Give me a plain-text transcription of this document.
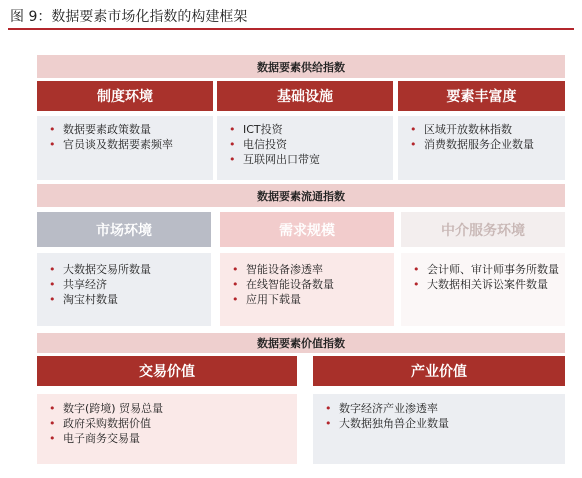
图 9：数据要素市场化指数的构建框架
数据要素供给指数
制度环境	基础设施	要素丰富度
• 数据要素政策数量
• 官员谈及数据要素频率
• ICT投资
• 电信投资
• 互联网出口带宽
• 区域开放数林指数
• 消费数据服务企业数量
数据要素流通指数
市场环境	需求规模	中介服务环境
• 大数据交易所数量
• 共享经济
• 淘宝村数量
• 智能设备渗透率
• 在线智能设备数量
• 应用下载量
• 会计师、审计师事务所数量
• 大数据相关诉讼案件数量
数据要素价值指数
交易价值	产业价值
• 数字(跨境) 贸易总量
• 政府采购数据价值
• 电子商务交易量
• 数字经济产业渗透率
• 大数据独角兽企业数量
